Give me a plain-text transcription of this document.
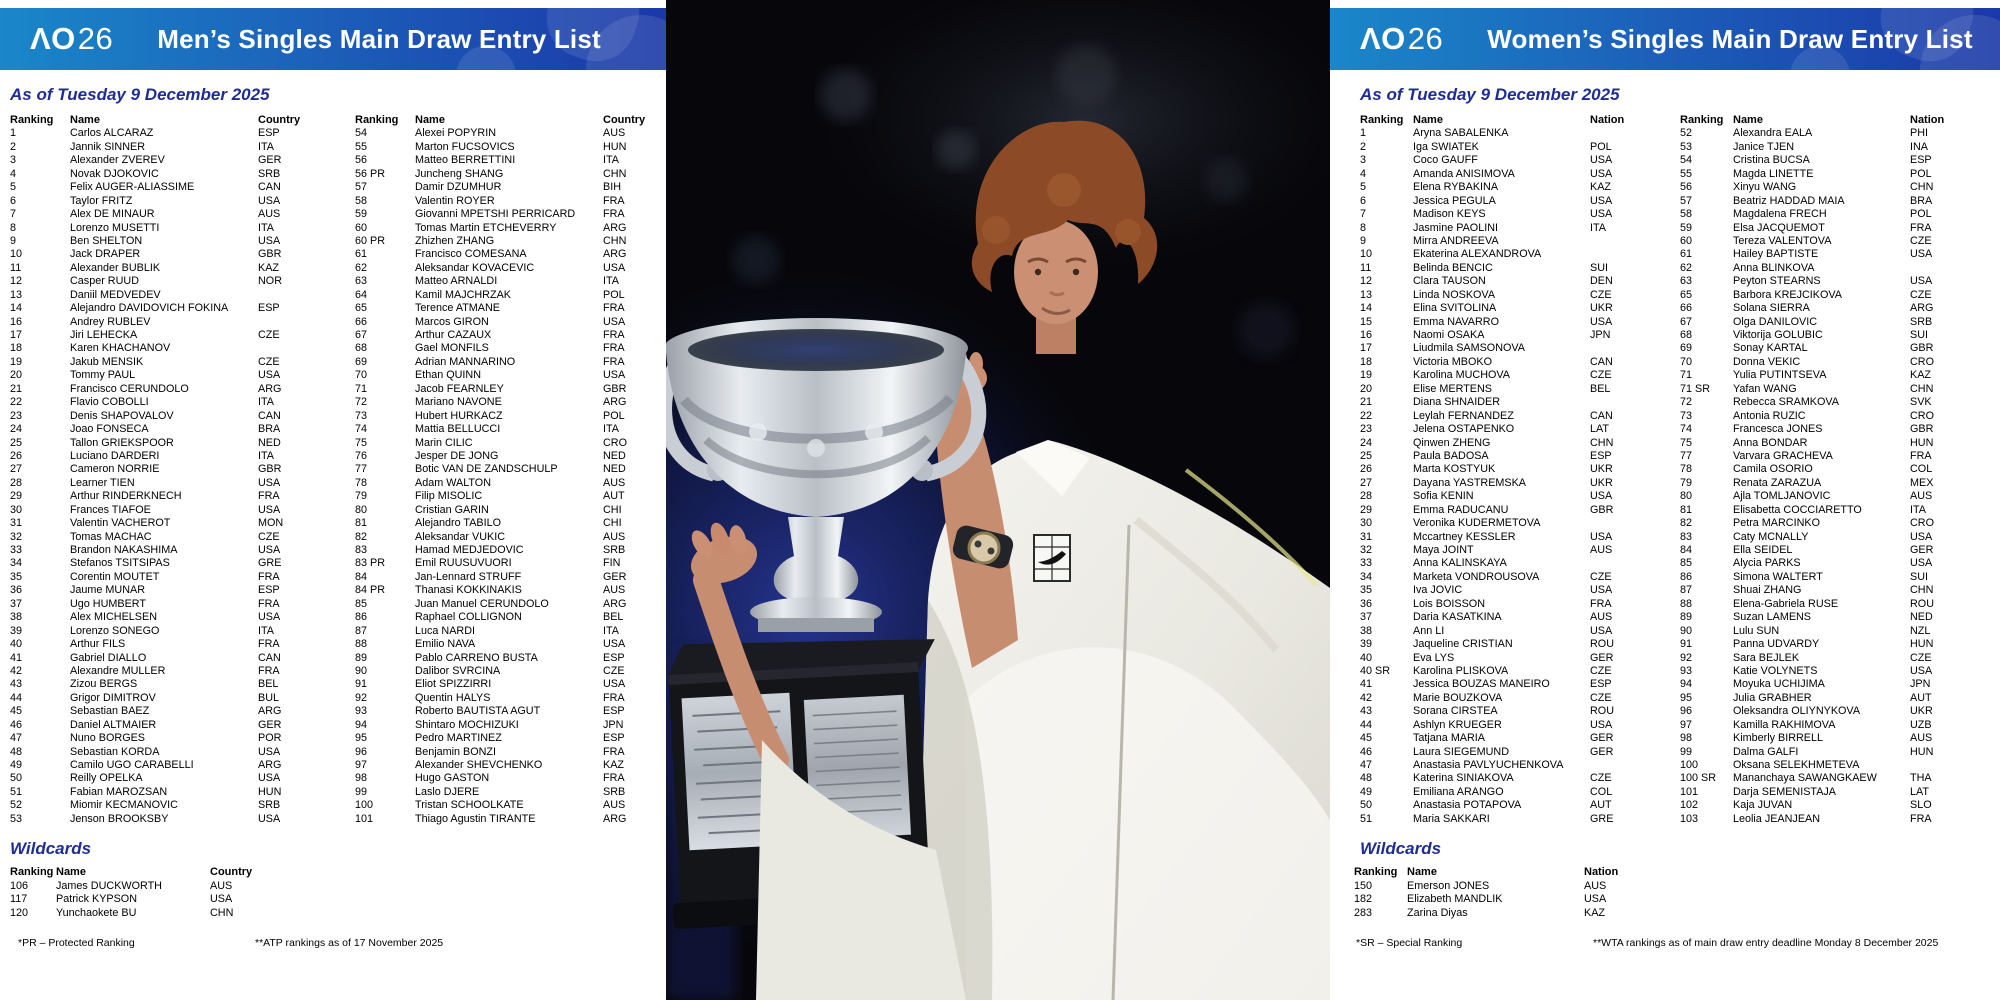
ΛO 26 Men’s Singles Main Draw Entry List
As of Tuesday 9 December 2025
Ranking	Name	Country
1	Carlos ALCARAZ	ESP
2	Jannik SINNER	ITA
3	Alexander ZVEREV	GER
4	Novak DJOKOVIC	SRB
5	Felix AUGER-ALIASSIME	CAN
6	Taylor FRITZ	USA
7	Alex DE MINAUR	AUS
8	Lorenzo MUSETTI	ITA
9	Ben SHELTON	USA
10	Jack DRAPER	GBR
11	Alexander BUBLIK	KAZ
12	Casper RUUD	NOR
13	Daniil MEDVEDEV
14	Alejandro DAVIDOVICH FOKINA	ESP
16	Andrey RUBLEV
17	Jiri LEHECKA	CZE
18	Karen KHACHANOV
19	Jakub MENSIK	CZE
20	Tommy PAUL	USA
21	Francisco CERUNDOLO	ARG
22	Flavio COBOLLI	ITA
23	Denis SHAPOVALOV	CAN
24	Joao FONSECA	BRA
25	Tallon GRIEKSPOOR	NED
26	Luciano DARDERI	ITA
27	Cameron NORRIE	GBR
28	Learner TIEN	USA
29	Arthur RINDERKNECH	FRA
30	Frances TIAFOE	USA
31	Valentin VACHEROT	MON
32	Tomas MACHAC	CZE
33	Brandon NAKASHIMA	USA
34	Stefanos TSITSIPAS	GRE
35	Corentin MOUTET	FRA
36	Jaume MUNAR	ESP
37	Ugo HUMBERT	FRA
38	Alex MICHELSEN	USA
39	Lorenzo SONEGO	ITA
40	Arthur FILS	FRA
41	Gabriel DIALLO	CAN
42	Alexandre MULLER	FRA
43	Zizou BERGS	BEL
44	Grigor DIMITROV	BUL
45	Sebastian BAEZ	ARG
46	Daniel ALTMAIER	GER
47	Nuno BORGES	POR
48	Sebastian KORDA	USA
49	Camilo UGO CARABELLI	ARG
50	Reilly OPELKA	USA
51	Fabian MAROZSAN	HUN
52	Miomir KECMANOVIC	SRB
53	Jenson BROOKSBY	USA
Ranking	Name	Country
54	Alexei POPYRIN	AUS
55	Marton FUCSOVICS	HUN
56	Matteo BERRETTINI	ITA
56 PR	Juncheng SHANG	CHN
57	Damir DZUMHUR	BIH
58	Valentin ROYER	FRA
59	Giovanni MPETSHI PERRICARD	FRA
60	Tomas Martin ETCHEVERRY	ARG
60 PR	Zhizhen ZHANG	CHN
61	Francisco COMESANA	ARG
62	Aleksandar KOVACEVIC	USA
63	Matteo ARNALDI	ITA
64	Kamil MAJCHRZAK	POL
65	Terence ATMANE	FRA
66	Marcos GIRON	USA
67	Arthur CAZAUX	FRA
68	Gael MONFILS	FRA
69	Adrian MANNARINO	FRA
70	Ethan QUINN	USA
71	Jacob FEARNLEY	GBR
72	Mariano NAVONE	ARG
73	Hubert HURKACZ	POL
74	Mattia BELLUCCI	ITA
75	Marin CILIC	CRO
76	Jesper DE JONG	NED
77	Botic VAN DE ZANDSCHULP	NED
78	Adam WALTON	AUS
79	Filip MISOLIC	AUT
80	Cristian GARIN	CHI
81	Alejandro TABILO	CHI
82	Aleksandar VUKIC	AUS
83	Hamad MEDJEDOVIC	SRB
83 PR	Emil RUUSUVUORI	FIN
84	Jan-Lennard STRUFF	GER
84 PR	Thanasi KOKKINAKIS	AUS
85	Juan Manuel CERUNDOLO	ARG
86	Raphael COLLIGNON	BEL
87	Luca NARDI	ITA
88	Emilio NAVA	USA
89	Pablo CARRENO BUSTA	ESP
90	Dalibor SVRCINA	CZE
91	Eliot SPIZZIRRI	USA
92	Quentin HALYS	FRA
93	Roberto BAUTISTA AGUT	ESP
94	Shintaro MOCHIZUKI	JPN
95	Pedro MARTINEZ	ESP
96	Benjamin BONZI	FRA
97	Alexander SHEVCHENKO	KAZ
98	Hugo GASTON	FRA
99	Laslo DJERE	SRB
100	Tristan SCHOOLKATE	AUS
101	Thiago Agustin TIRANTE	ARG
Wildcards
Ranking Name	Country
106	James DUCKWORTH	AUS
117	Patrick KYPSON	USA
120	Yunchaokete BU	CHN
*PR – Protected Ranking	**ATP rankings as of 17 November 2025
ΛO 26 Women’s Singles Main Draw Entry List
As of Tuesday 9 December 2025
Ranking Name	Nation
1	Aryna SABALENKA
2	Iga SWIATEK	POL
3	Coco GAUFF	USA
4	Amanda ANISIMOVA	USA
5	Elena RYBAKINA	KAZ
6	Jessica PEGULA	USA
7	Madison KEYS	USA
8	Jasmine PAOLINI	ITA
9	Mirra ANDREEVA
10	Ekaterina ALEXANDROVA
11	Belinda BENCIC	SUI
12	Clara TAUSON	DEN
13	Linda NOSKOVA	CZE
14	Elina SVITOLINA	UKR
15	Emma NAVARRO	USA
16	Naomi OSAKA	JPN
17	Liudmila SAMSONOVA
18	Victoria MBOKO	CAN
19	Karolina MUCHOVA	CZE
20	Elise MERTENS	BEL
21	Diana SHNAIDER
22	Leylah FERNANDEZ	CAN
23	Jelena OSTAPENKO	LAT
24	Qinwen ZHENG	CHN
25	Paula BADOSA	ESP
26	Marta KOSTYUK	UKR
27	Dayana YASTREMSKA	UKR
28	Sofia KENIN	USA
29	Emma RADUCANU	GBR
30	Veronika KUDERMETOVA
31	Mccartney KESSLER	USA
32	Maya JOINT	AUS
33	Anna KALINSKAYA
34	Marketa VONDROUSOVA	CZE
35	Iva JOVIC	USA
36	Lois BOISSON	FRA
37	Daria KASATKINA	AUS
38	Ann LI	USA
39	Jaqueline CRISTIAN	ROU
40	Eva LYS	GER
40 SR	Karolina PLISKOVA	CZE
41	Jessica BOUZAS MANEIRO	ESP
42	Marie BOUZKOVA	CZE
43	Sorana CIRSTEA	ROU
44	Ashlyn KRUEGER	USA
45	Tatjana MARIA	GER
46	Laura SIEGEMUND	GER
47	Anastasia PAVLYUCHENKOVA
48	Katerina SINIAKOVA	CZE
49	Emiliana ARANGO	COL
50	Anastasia POTAPOVA	AUT
51	Maria SAKKARI	GRE
Ranking Name	Nation
52	Alexandra EALA	PHI
53	Janice TJEN	INA
54	Cristina BUCSA	ESP
55	Magda LINETTE	POL
56	Xinyu WANG	CHN
57	Beatriz HADDAD MAIA	BRA
58	Magdalena FRECH	POL
59	Elsa JACQUEMOT	FRA
60	Tereza VALENTOVA	CZE
61	Hailey BAPTISTE	USA
62	Anna BLINKOVA
63	Peyton STEARNS	USA
65	Barbora KREJCIKOVA	CZE
66	Solana SIERRA	ARG
67	Olga DANILOVIC	SRB
68	Viktorija GOLUBIC	SUI
69	Sonay KARTAL	GBR
70	Donna VEKIC	CRO
71	Yulia PUTINTSEVA	KAZ
71 SR	Yafan WANG	CHN
72	Rebecca SRAMKOVA	SVK
73	Antonia RUZIC	CRO
74	Francesca JONES	GBR
75	Anna BONDAR	HUN
77	Varvara GRACHEVA	FRA
78	Camila OSORIO	COL
79	Renata ZARAZUA	MEX
80	Ajla TOMLJANOVIC	AUS
81	Elisabetta COCCIARETTO	ITA
82	Petra MARCINKO	CRO
83	Caty MCNALLY	USA
84	Ella SEIDEL	GER
85	Alycia PARKS	USA
86	Simona WALTERT	SUI
87	Shuai ZHANG	CHN
88	Elena-Gabriela RUSE	ROU
89	Suzan LAMENS	NED
90	Lulu SUN	NZL
91	Panna UDVARDY	HUN
92	Sara BEJLEK	CZE
93	Katie VOLYNETS	USA
94	Moyuka UCHIJIMA	JPN
95	Julia GRABHER	AUT
96	Oleksandra OLIYNYKOVA	UKR
97	Kamilla RAKHIMOVA	UZB
98	Kimberly BIRRELL	AUS
99	Dalma GALFI	HUN
100	Oksana SELEKHMETEVA
100 SR	Mananchaya SAWANGKAEW	THA
101	Darja SEMENISTAJA	LAT
102	Kaja JUVAN	SLO
103	Leolia JEANJEAN	FRA
Wildcards
Ranking Name	Nation
150	Emerson JONES	AUS
182	Elizabeth MANDLIK	USA
283	Zarina Diyas	KAZ
*SR – Special Ranking	**WTA rankings as of main draw entry deadline Monday 8 December 2025
